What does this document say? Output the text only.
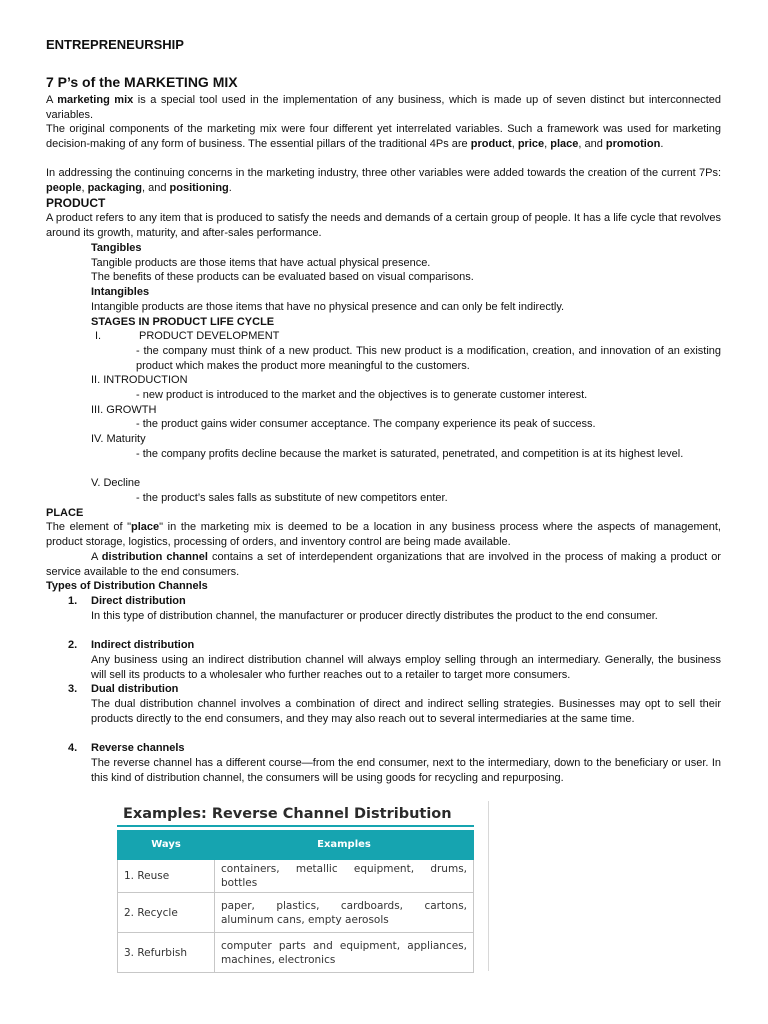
ENTREPRENEURSHIP
7 P’s of the MARKETING MIX

A marketing mix is a special tool used in the implementation of any business, which is made up of seven distinct but interconnected variables.

The original components of the marketing mix were four different yet interrelated variables. Such a framework was used for marketing decision-making of any form of business. The essential pillars of the traditional 4Ps are product, price, place, and promotion.

In addressing the continuing concerns in the marketing industry, three other variables were added towards the creation of the current 7Ps: people, packaging, and positioning.

PRODUCT

A product refers to any item that is produced to satisfy the needs and demands of a certain group of people. It has a life cycle that revolves around its growth, maturity, and after-sales performance.

Tangibles
Tangible products are those items that have actual physical presence.
The benefits of these products can be evaluated based on visual comparisons.
Intangibles
Intangible products are those items that have no physical presence and can only be felt indirectly.
STAGES IN PRODUCT LIFE CYCLE
I.	PRODUCT DEVELOPMENT

- the company must think of a new product. This new product is a modification, creation, and innovation of an existing product which makes the product more meaningful to the customers.

II. INTRODUCTION
- new product is introduced to the market and the objectives is to generate customer interest.
III. GROWTH
- the product gains wider consumer acceptance. The company experience its peak of success.
IV. Maturity

- the company profits decline because the market is saturated, penetrated, and competition is at its highest level.

V. Decline
- the product’s sales falls as substitute of new competitors enter.
PLACE

The element of "place" in the marketing mix is deemed to be a location in any business process where the aspects of management, product storage, logistics, processing of orders, and inventory control are being made available.

A distribution channel contains a set of interdependent organizations that are involved in the process of making a product or service available to the end consumers.

Types of Distribution Channels
1. Direct distribution

In this type of distribution channel, the manufacturer or producer directly distributes the product to the end consumer.

2. Indirect distribution

Any business using an indirect distribution channel will always employ selling through an intermediary. Generally, the business will sell its products to a wholesaler who further reaches out to a retailer to target more consumers.

3. Dual distribution

The dual distribution channel involves a combination of direct and indirect selling strategies. Businesses may opt to sell their products directly to the end consumers, and they may also reach out to several intermediaries at the same time.

4. Reverse channels

The reverse channel has a different course—from the end consumer, next to the intermediary, down to the beneficiary or user. In this kind of distribution channel, the consumers will be using goods for recycling and repurposing.

Examples: Reverse Channel Distribution
Ways	Examples
1. Reuse	containers, metallic equipment, drums, bottles
2. Recycle	paper, plastics, cardboards, cartons, aluminum cans, empty aerosols
3. Refurbish	computer parts and equipment, appliances, machines, electronics
